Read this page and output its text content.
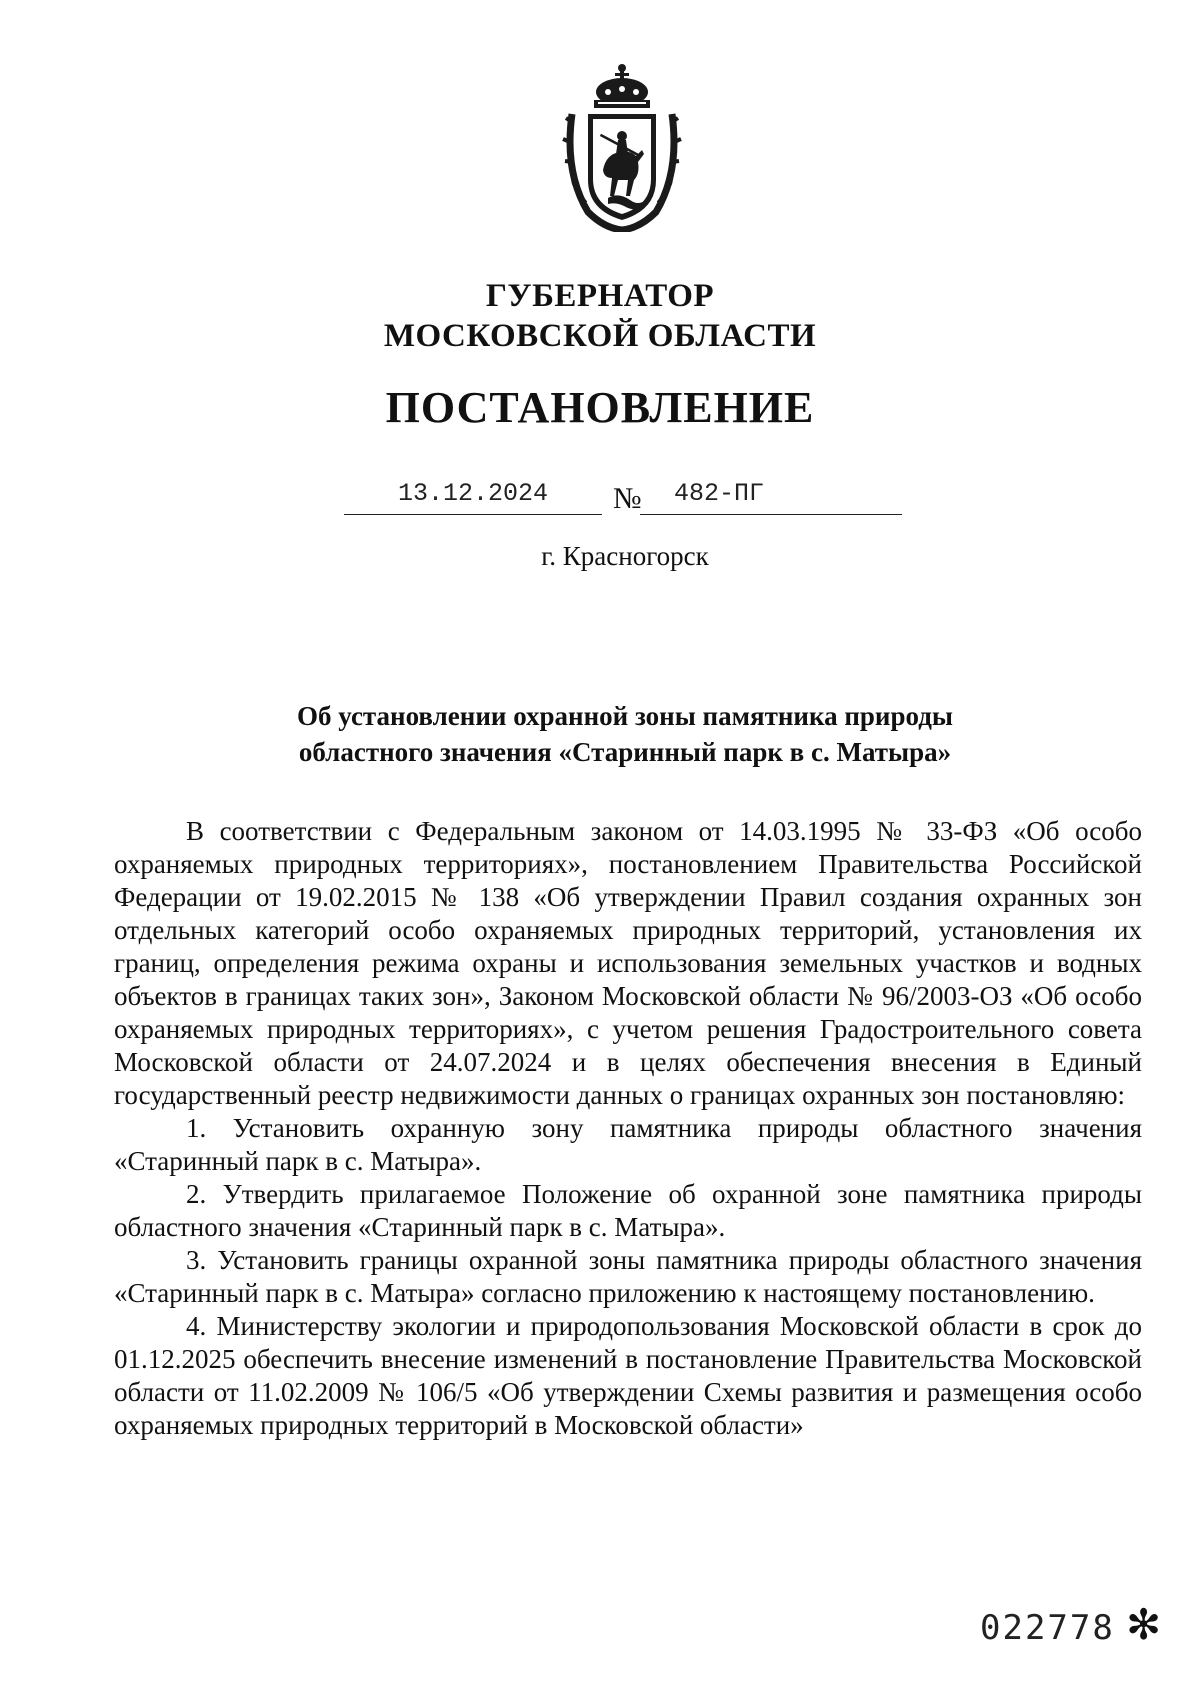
ГУБЕРНАТОР
МОСКОВСКОЙ ОБЛАСТИ
ПОСТАНОВЛЕНИЕ
13.12.2024	№	482-ПГ
г. Красногорск
Об установлении охранной зоны памятника природы
областного значения «Старинный парк в с. Матыра»

В соответствии с Федеральным законом от 14.03.1995 № 33-ФЗ «Об особо охраняемых природных территориях», постановлением Правительства Российской Федерации от 19.02.2015 № 138 «Об утверждении Правил создания охранных зон отдельных категорий особо охраняемых природных территорий, установления их границ, определения режима охраны и использования земельных участков и водных объектов в границах таких зон», Законом Московской области № 96/2003-ОЗ «Об особо охраняемых природных территориях», с учетом решения Градостроительного совета Московской области от 24.07.2024 и в целях обеспечения внесения в Единый государственный реестр недвижимости данных о границах охранных зон постановляю:

1. Установить охранную зону памятника природы областного значения «Старинный парк в с. Матыра».

2. Утвердить прилагаемое Положение об охранной зоне памятника природы областного значения «Старинный парк в с. Матыра».

3. Установить границы охранной зоны памятника природы областного значения «Старинный парк в с. Матыра» согласно приложению к настоящему постановлению.

4. Министерству экологии и природопользования Московской области в срок до 01.12.2025 обеспечить внесение изменений в постановление Правительства Московской области от 11.02.2009 № 106/5 «Об утверждении Схемы развития и размещения особо охраняемых природных территорий в Московской области»

022778 ✻
